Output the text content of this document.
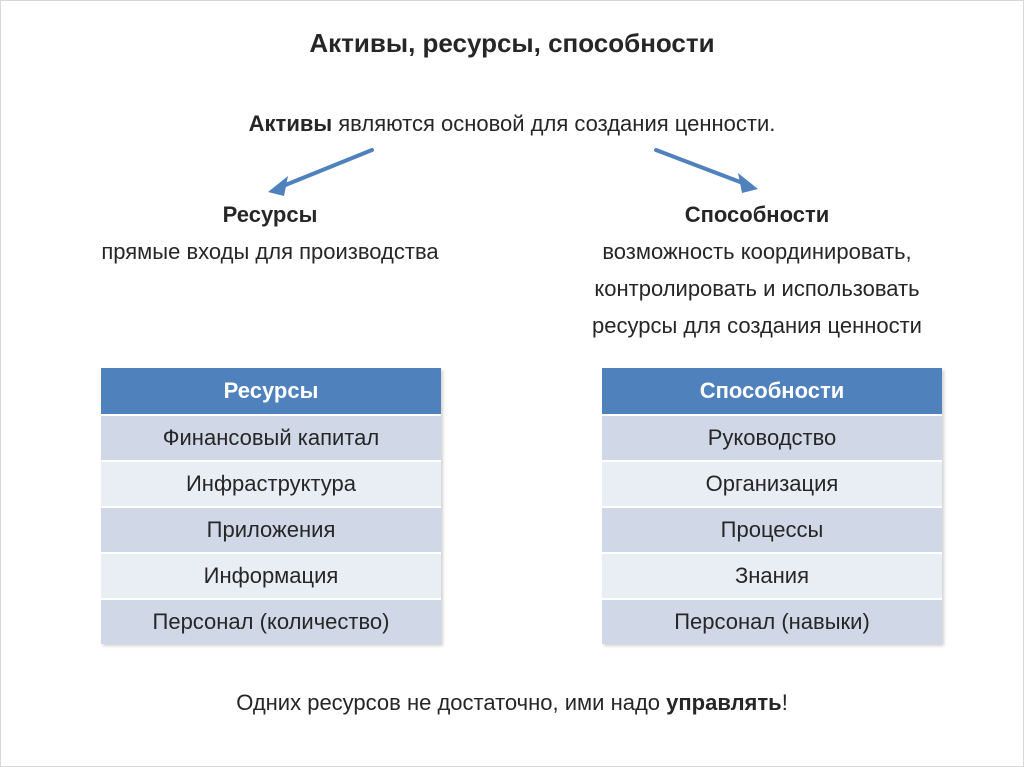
Активы, ресурсы, способности
Активы являются основой для создания ценности.
Ресурсы
прямые входы для производства
Способности
возможность координировать,
контролировать и использовать
ресурсы для создания ценности
Ресурсы
Финансовый капитал
Инфраструктура
Приложения
Информация
Персонал (количество)
Способности
Руководство
Организация
Процессы
Знания
Персонал (навыки)
Одних ресурсов не достаточно, ими надо управлять!
